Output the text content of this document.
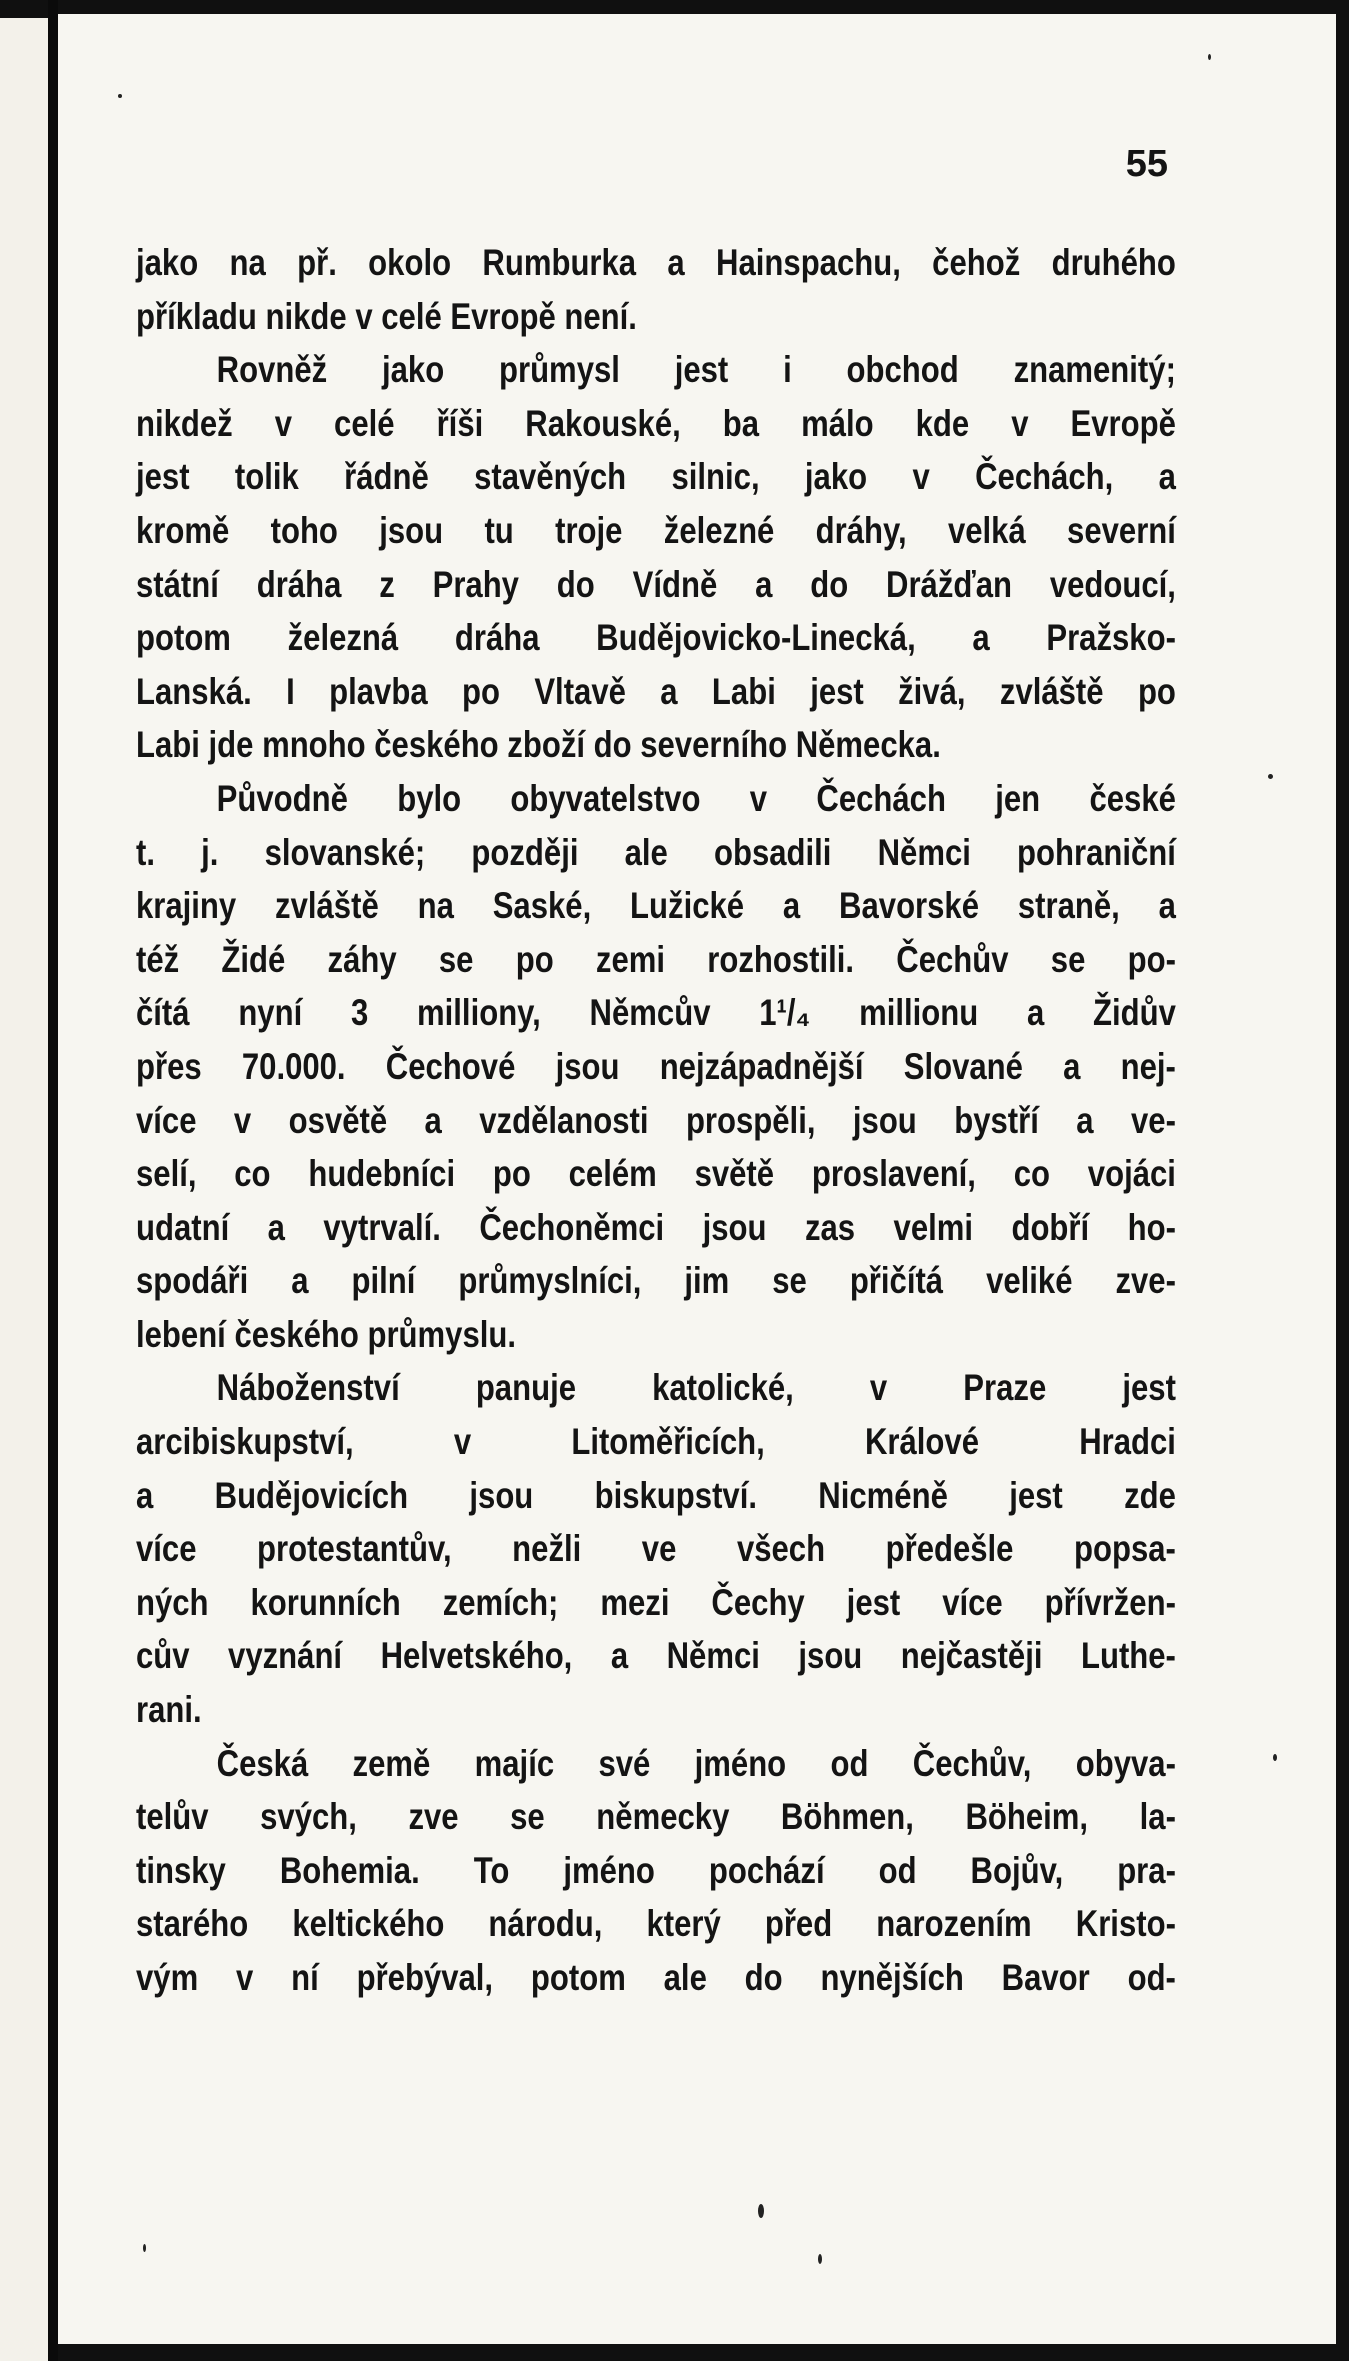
55
jako na př. okolo Rumburka a Hainspachu, čehož druhého
příkladu nikde v celé Evropě není.
Rovněž jako průmysl jest i obchod znamenitý;
nikdež v celé říši Rakouské, ba málo kde v Evropě
jest tolik řádně stavěných silnic, jako v Čechách, a
kromě toho jsou tu troje železné dráhy, velká severní
státní dráha z Prahy do Vídně a do Drážďan vedoucí,
potom železná dráha Budějovicko-Linecká, a Pražsko-
Lanská. I plavba po Vltavě a Labi jest živá, zvláště po
Labi jde mnoho českého zboží do severního Německa.
Původně bylo obyvatelstvo v Čechách jen české
t. j. slovanské; později ale obsadili Němci pohraniční
krajiny zvláště na Saské, Lužické a Bavorské straně, a
též Židé záhy se po zemi rozhostili. Čechův se po-
čítá nyní 3 milliony, Němcův 1¹/₄ millionu a Židův
přes 70.000. Čechové jsou nejzápadnější Slované a nej-
více v osvětě a vzdělanosti prospěli, jsou bystří a ve-
selí, co hudebníci po celém světě proslavení, co vojáci
udatní a vytrvalí. Čechoněmci jsou zas velmi dobří ho-
spodáři a pilní průmyslníci, jim se přičítá veliké zve-
lebení českého průmyslu.
Náboženství panuje katolické, v Praze jest
arcibiskupství, v Litoměřicích, Králové Hradci
a Budějovicích jsou biskupství. Nicméně jest zde
více protestantův, nežli ve všech předešle popsa-
ných korunních zemích; mezi Čechy jest více přívržen-
cův vyznání Helvetského, a Němci jsou nejčastěji Luthe-
rani.
Česká země majíc své jméno od Čechův, obyva-
telův svých, zve se německy Böhmen, Böheim, la-
tinsky Bohemia. To jméno pochází od Bojův, pra-
starého keltického národu, který před narozením Kristo-
vým v ní přebýval, potom ale do nynějších Bavor od-
